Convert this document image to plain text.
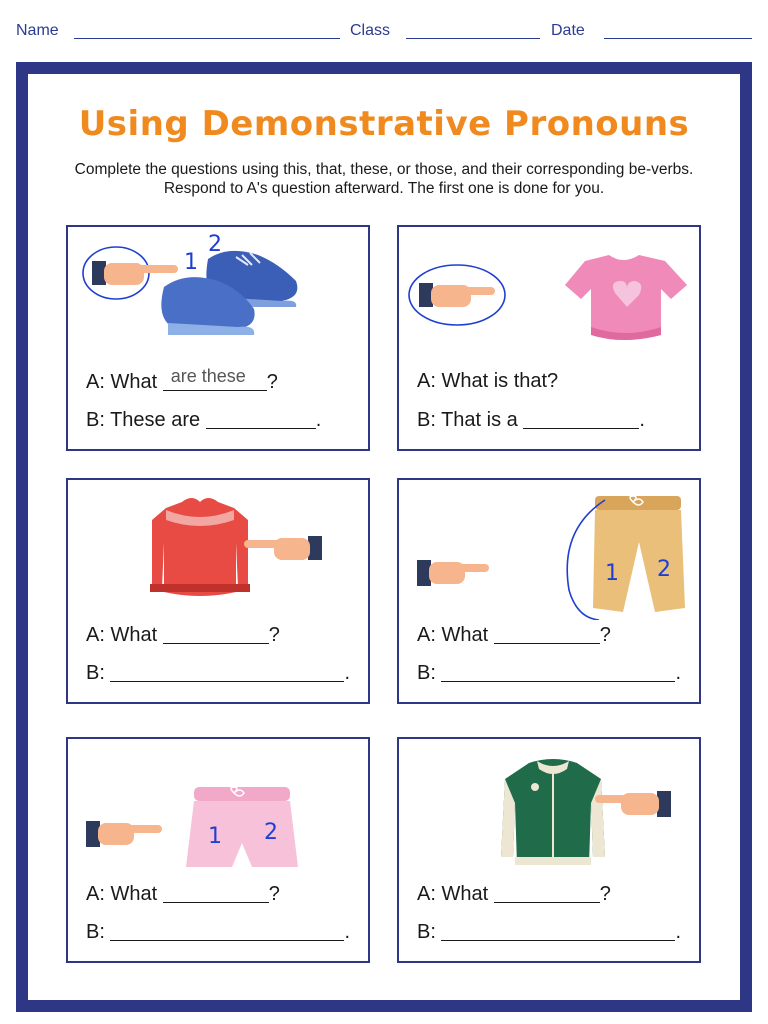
Name	Class	Date
Using Demonstrative Pronouns
Complete the questions using this, that, these, or those, and their corresponding be-verbs. Respond to A's question afterward. The first one is done for you.
1
2
A: What are these ?
B: These are	.
A: What is that?
B: That is a	.
A: What	?
B:	.
1 2
A: What	?
B:	.
1 2
A: What	?
B:	.
A: What	?
B:	.
